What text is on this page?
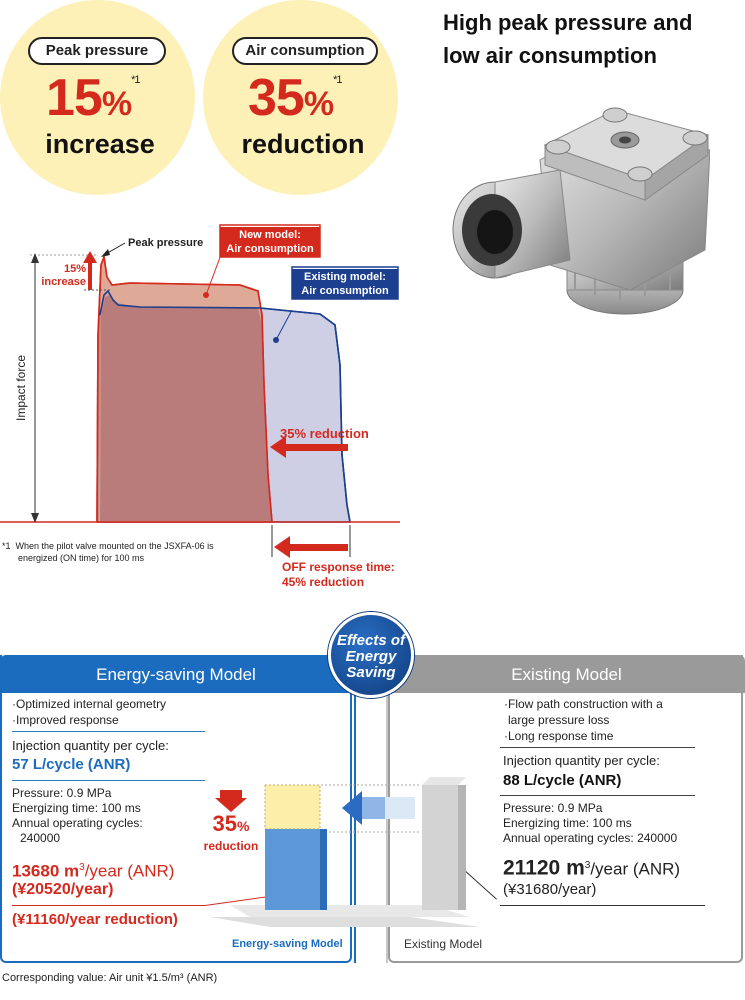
Peak pressure	Air consumption
15%$^{*1}$ 35%$^{*1}$
increase	reduction
High peak pressure and
low air consumption
Impact force
Peak pressure
15%
increase
New model:
Air consumption
Existing model:
Air consumption
35% reduction
OFF response time:
45% reduction
*1 When the pilot valve mounted on the JSXFA-06 is
energized (ON time) for 100 ms
Energy-saving Model	Existing Model
Effects of
Energy
Saving
·Optimized internal geometry
·Improved response
Injection quantity per cycle:
57 L/cycle (ANR)
Pressure: 0.9 MPa
Energizing time: 100 ms
Annual operating cycles:
240000
13680 $m^3$/year (ANR)
(¥20520/year)
(¥11160/year reduction)
·Flow path construction with a
large pressure loss
·Long response time
Injection quantity per cycle:
88 L/cycle (ANR)
Pressure: 0.9 MPa
Energizing time: 100 ms
Annual operating cycles: 240000
21120 $m^3$/year (ANR)
(¥31680/year)
35%
reduction
Energy-saving Model	Existing Model
Corresponding value: Air unit ¥1.5/m³ (ANR)
